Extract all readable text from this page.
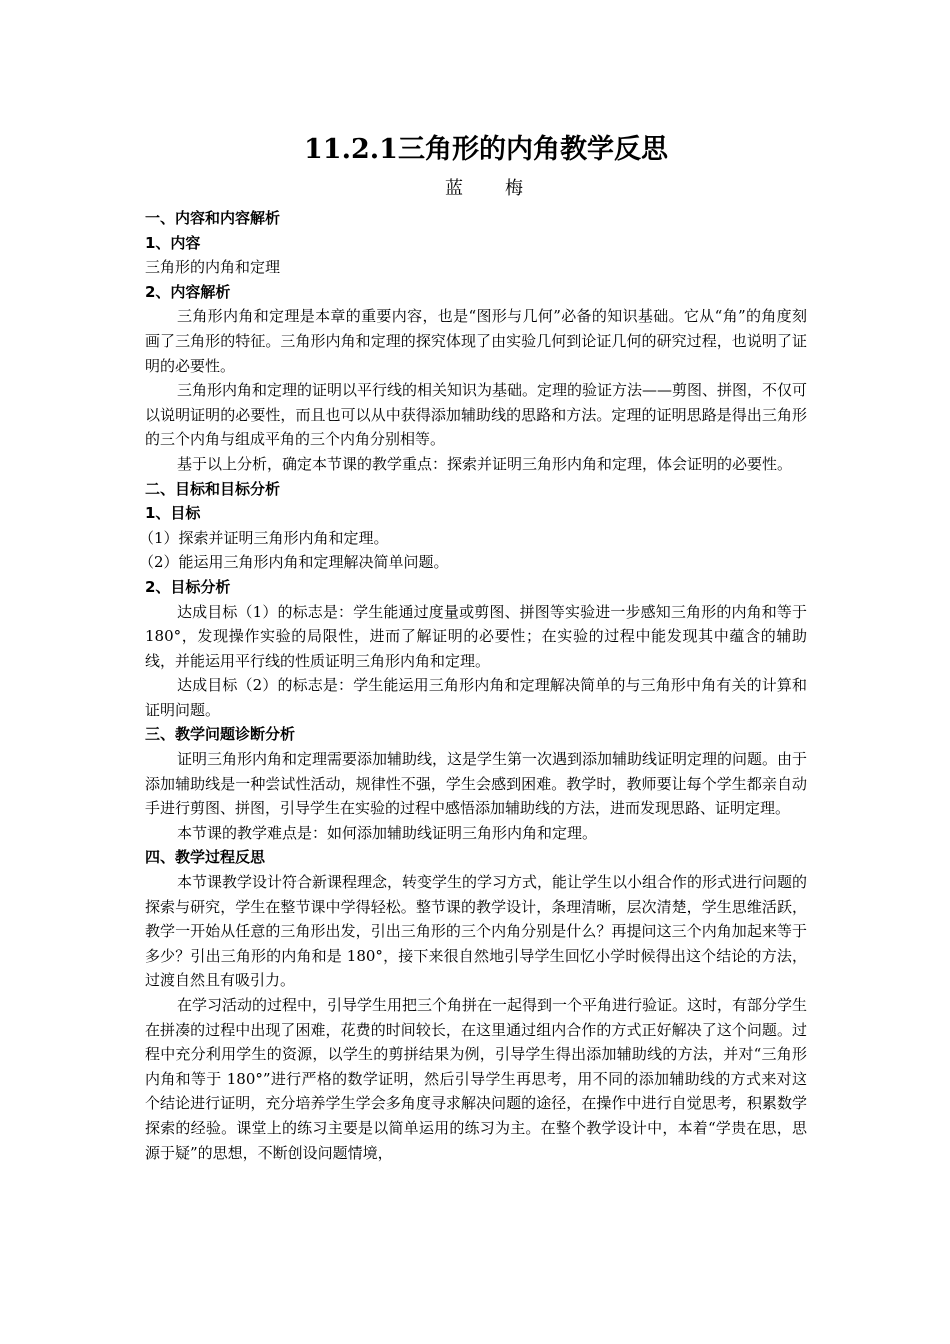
11.2.1三角形的内角教学反思
蓝　梅
一、内容和内容解析
1、内容
三角形的内角和定理
2、内容解析
三角形内角和定理是本章的重要内容，也是“图形与几何”必备的知识基础。它从“角”的角度刻画了三角形的特征。三角形内角和定理的探究体现了由实验几何到论证几何的研究过程，也说明了证明的必要性。
三角形内角和定理的证明以平行线的相关知识为基础。定理的验证方法——剪图、拼图，不仅可以说明证明的必要性，而且也可以从中获得添加辅助线的思路和方法。定理的证明思路是得出三角形的三个内角与组成平角的三个内角分别相等。
基于以上分析，确定本节课的教学重点：探索并证明三角形内角和定理，体会证明的必要性。
二、目标和目标分析
1、目标
（1）探索并证明三角形内角和定理。
（2）能运用三角形内角和定理解决简单问题。
2、目标分析
达成目标（1）的标志是：学生能通过度量或剪图、拼图等实验进一步感知三角形的内角和等于 180°，发现操作实验的局限性，进而了解证明的必要性；在实验的过程中能发现其中蕴含的辅助线，并能运用平行线的性质证明三角形内角和定理。
达成目标（2）的标志是：学生能运用三角形内角和定理解决简单的与三角形中角有关的计算和证明问题。
三、教学问题诊断分析
证明三角形内角和定理需要添加辅助线，这是学生第一次遇到添加辅助线证明定理的问题。由于添加辅助线是一种尝试性活动，规律性不强，学生会感到困难。教学时，教师要让每个学生都亲自动手进行剪图、拼图，引导学生在实验的过程中感悟添加辅助线的方法，进而发现思路、证明定理。
本节课的教学难点是：如何添加辅助线证明三角形内角和定理。
四、教学过程反思
本节课教学设计符合新课程理念，转变学生的学习方式，能让学生以小组合作的形式进行问题的探索与研究，学生在整节课中学得轻松。整节课的教学设计，条理清晰，层次清楚，学生思维活跃，教学一开始从任意的三角形出发，引出三角形的三个内角分别是什么？再提问这三个内角加起来等于多少？引出三角形的内角和是 180°，接下来很自然地引导学生回忆小学时候得出这个结论的方法，过渡自然且有吸引力。
在学习活动的过程中，引导学生用把三个角拼在一起得到一个平角进行验证。这时，有部分学生在拼凑的过程中出现了困难，花费的时间较长，在这里通过组内合作的方式正好解决了这个问题。过程中充分利用学生的资源，以学生的剪拼结果为例，引导学生得出添加辅助线的方法，并对“三角形内角和等于 180°”进行严格的数学证明，然后引导学生再思考，用不同的添加辅助线的方式来对这个结论进行证明，充分培养学生学会多角度寻求解决问题的途径，在操作中进行自觉思考，积累数学探索的经验。课堂上的练习主要是以简单运用的练习为主。在整个教学设计中，本着“学贵在思，思源于疑”的思想，不断创设问题情境，
